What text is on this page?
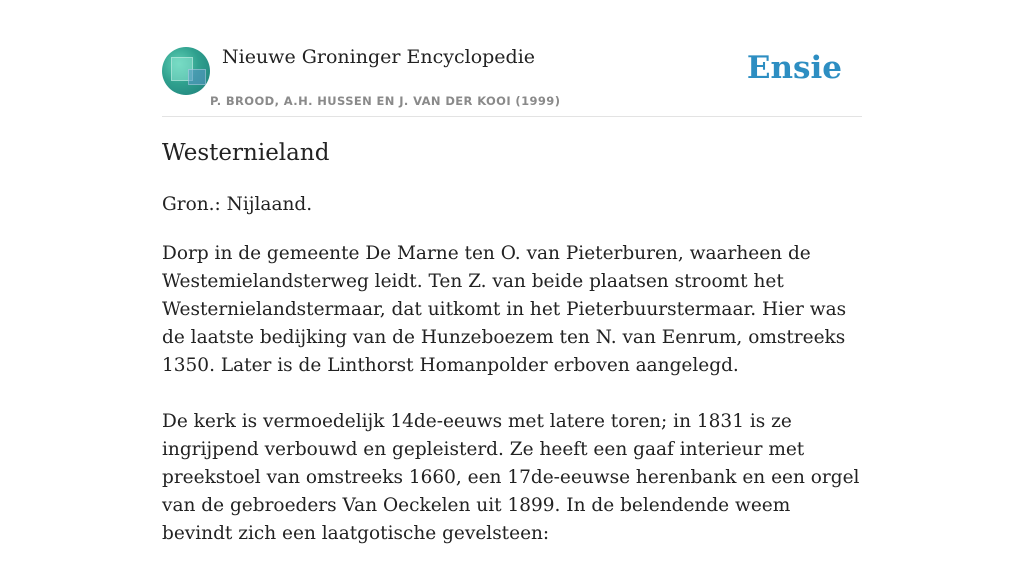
Nieuwe Groninger Encyclopedie
P. BROOD, A.H. HUSSEN EN J. VAN DER KOOI (1999)
Ensie
Westernieland
Gron.: Nijlaand.

Dorp in de gemeente De Marne ten O. van Pieterburen, waarheen de Westemielandsterweg leidt. Ten Z. van beide plaatsen stroomt het Westernielandstermaar, dat uitkomt in het Pieterbuurstermaar. Hier was de laatste bedijking van de Hunzeboezem ten N. van Eenrum, omstreeks 1350. Later is de Linthorst Homanpolder erboven aangelegd.

De kerk is vermoedelijk 14de-eeuws met latere toren; in 1831 is ze ingrijpend verbouwd en gepleisterd. Ze heeft een gaaf interieur met preekstoel van omstreeks 1660, een 17de-eeuwse herenbank en een orgel van de gebroeders Van Oeckelen uit 1899. In de belendende weem bevindt zich een laatgotische gevelsteen:
